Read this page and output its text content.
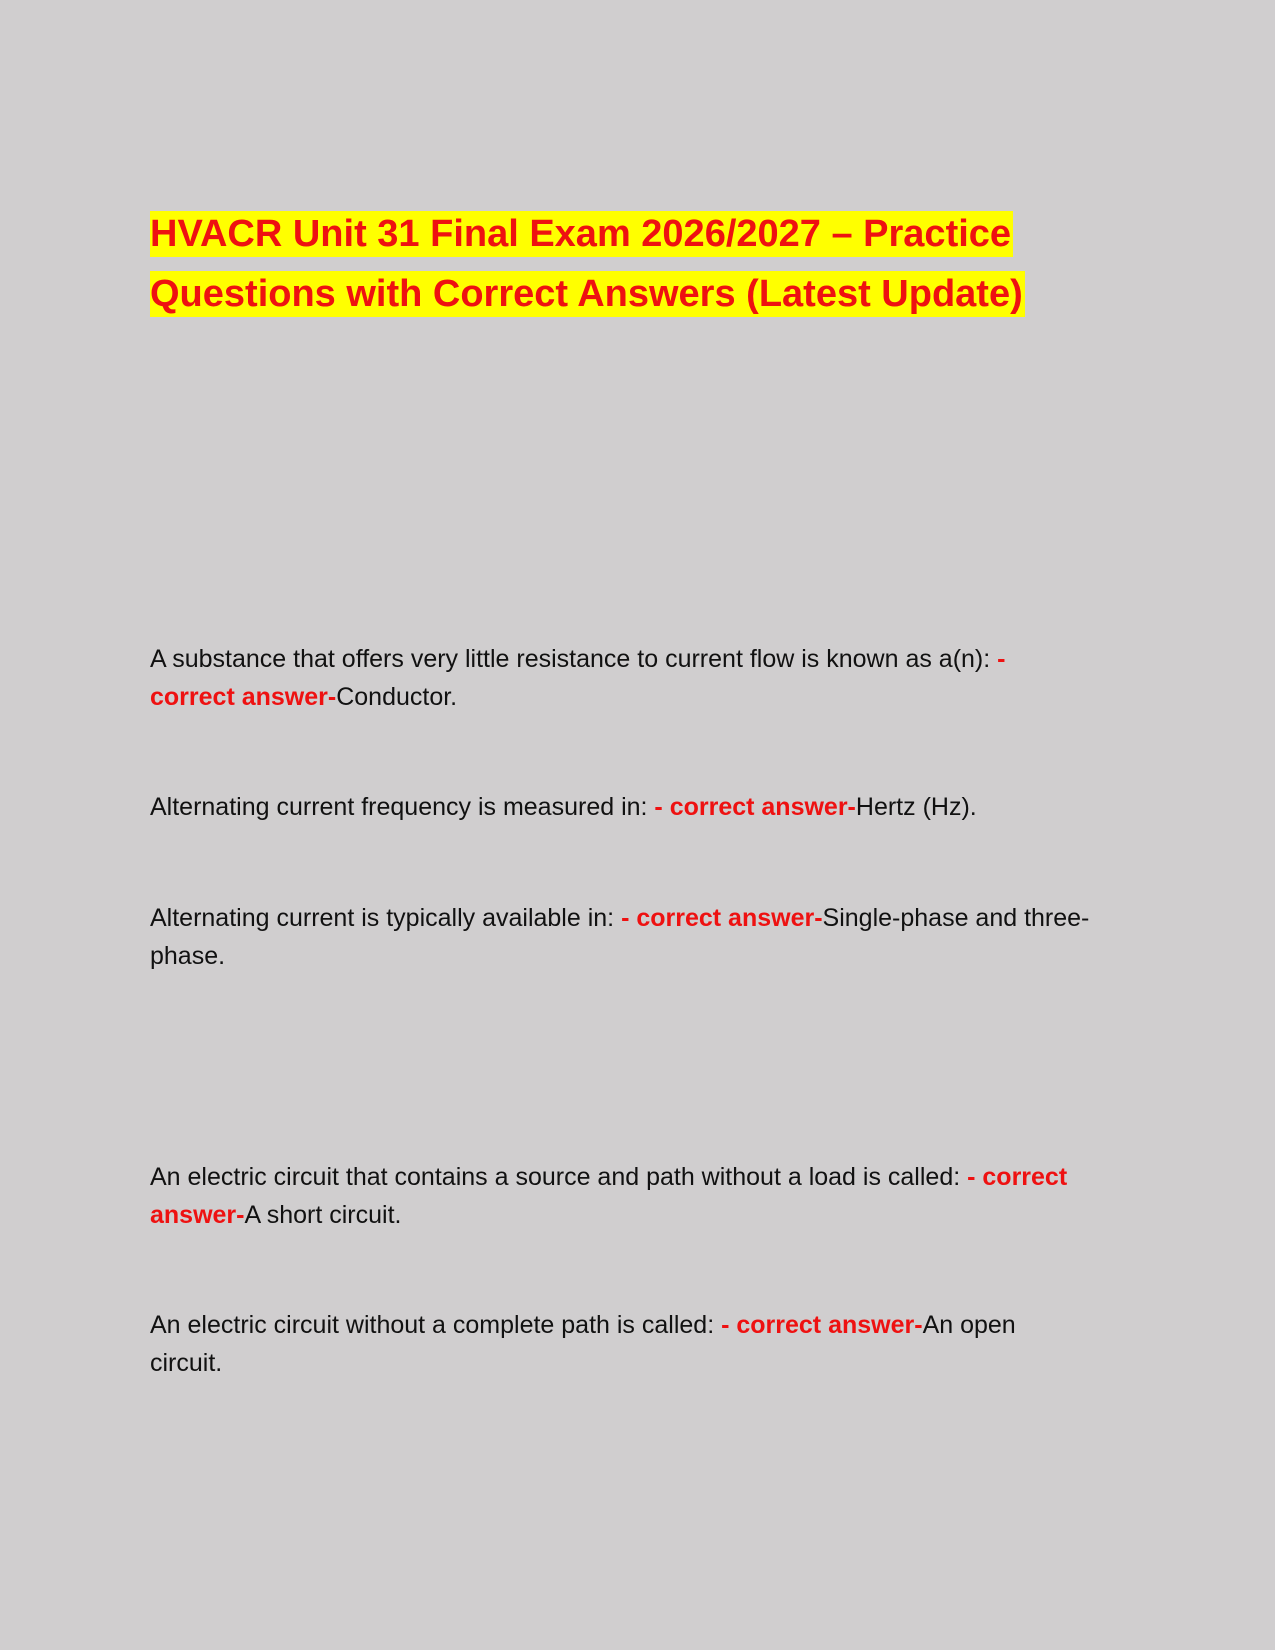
HVACR Unit 31 Final Exam 2026/2027 – Practice Questions with Correct Answers (Latest Update)

A substance that offers very little resistance to current flow is known as a(n): - correct answer-Conductor.

Alternating current frequency is measured in: - correct answer-Hertz (Hz).

Alternating current is typically available in: - correct answer-Single-phase and three-phase.

An electric circuit that contains a source and path without a load is called: - correct answer-A short circuit.

An electric circuit without a complete path is called: - correct answer-An open circuit.
